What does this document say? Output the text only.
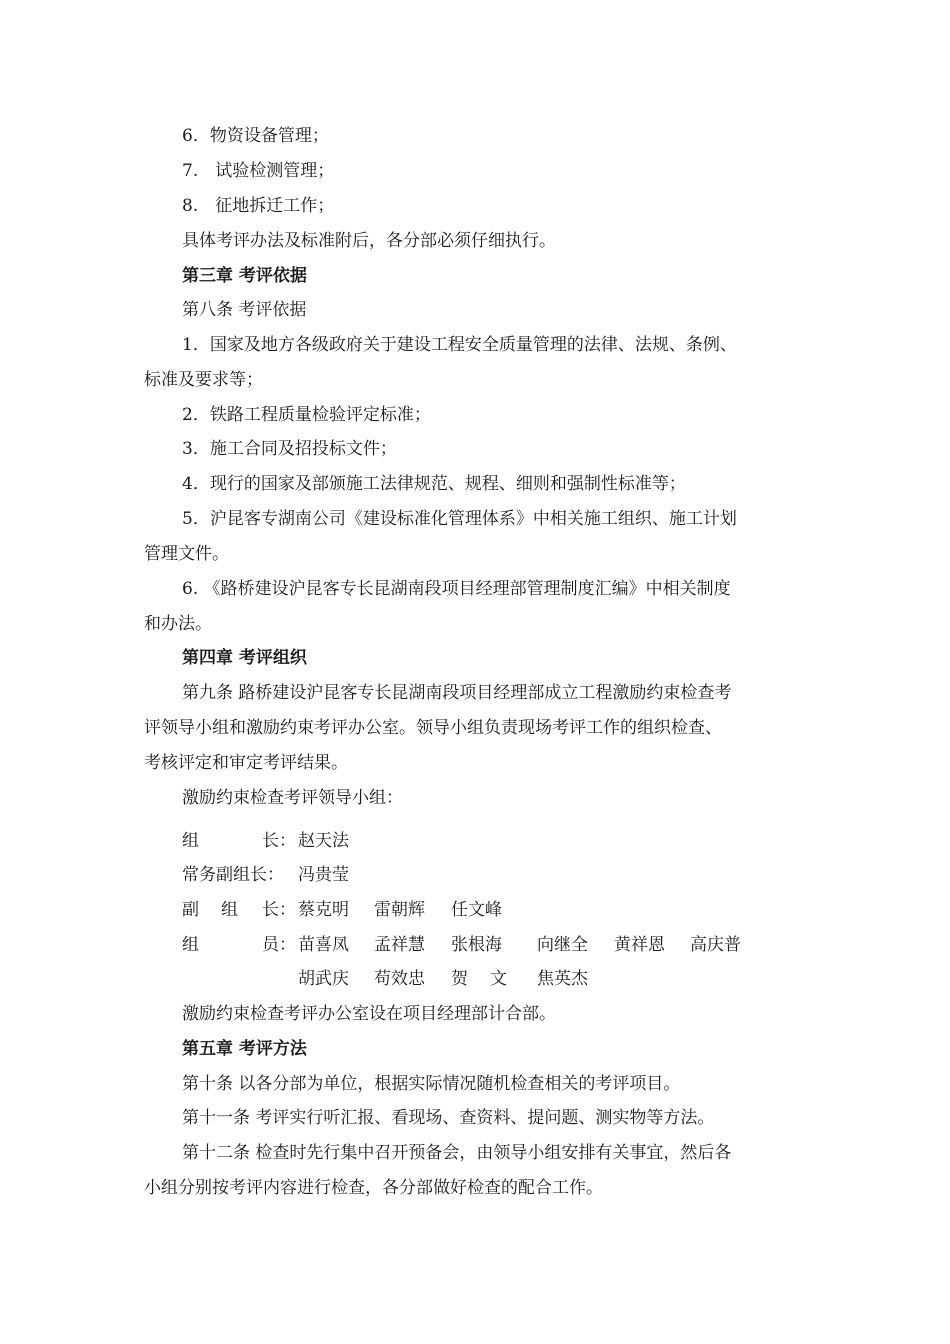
6．物资设备管理；
7.　试验检测管理；
8.　征地拆迁工作；
具体考评办法及标准附后，各分部必须仔细执行。
第三章 考评依据
第八条 考评依据
1．国家及地方各级政府关于建设工程安全质量管理的法律、法规、条例、
标准及要求等；
2．铁路工程质量检验评定标准；
3．施工合同及招投标文件；
4．现行的国家及部颁施工法律规范、规程、细则和强制性标准等；
5．沪昆客专湖南公司《建设标准化管理体系》中相关施工组织、施工计划
管理文件。
6. 《路桥建设沪昆客专长昆湖南段项目经理部管理制度汇编》中相关制度
和办法。
第四章 考评组织
第九条 路桥建设沪昆客专长昆湖南段项目经理部成立工程激励约束检查考
评领导小组和激励约束考评办公室。领导小组负责现场考评工作的组织检查、
考核评定和审定考评结果。
激励约束检查考评领导小组：
组	长： 赵天法
常务副组长： 冯贵莹
副 组 长： 蔡克明 雷朝辉 任文峰
组	员： 苗喜凤 孟祥慧 张根海 向继全 黄祥恩 高庆普
胡武庆 苟效忠 贺 文 焦英杰
激励约束检查考评办公室设在项目经理部计合部。
第五章 考评方法
第十条 以各分部为单位，根据实际情况随机检查相关的考评项目。
第十一条 考评实行听汇报、看现场、查资料、提问题、测实物等方法。
第十二条 检查时先行集中召开预备会，由领导小组安排有关事宜，然后各
小组分别按考评内容进行检查，各分部做好检查的配合工作。
